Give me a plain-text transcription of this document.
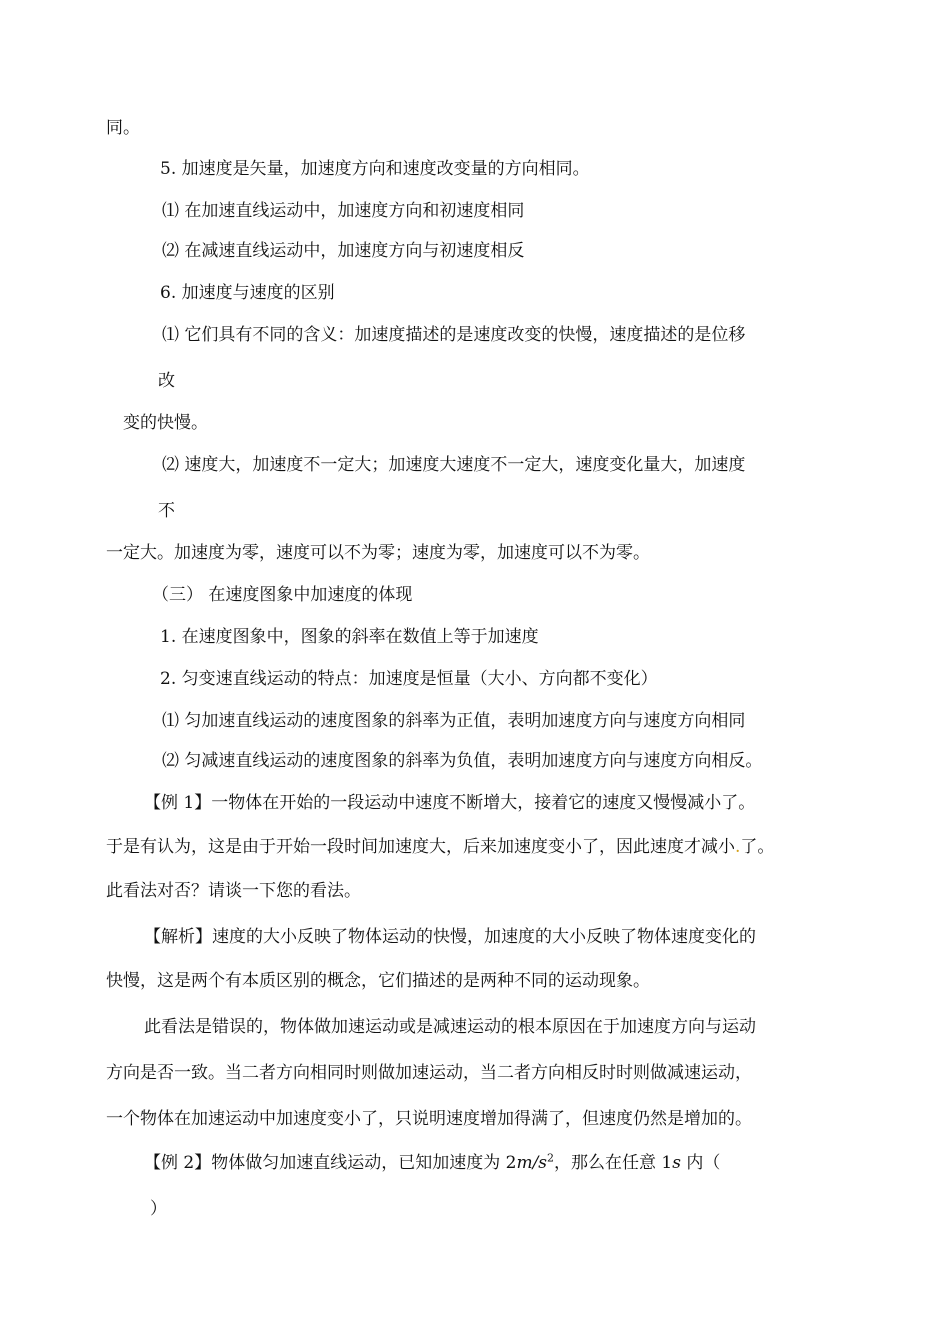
同。
5. 加速度是矢量，加速度方向和速度改变量的方向相同。
⑴ 在加速直线运动中，加速度方向和初速度相同
⑵ 在减速直线运动中，加速度方向与初速度相反
6. 加速度与速度的区别
⑴ 它们具有不同的含义：加速度描述的是速度改变的快慢，速度描述的是位移
改
变的快慢。
⑵ 速度大，加速度不一定大；加速度大速度不一定大，速度变化量大，加速度
不
一定大。加速度为零，速度可以不为零；速度为零，加速度可以不为零。
（三） 在速度图象中加速度的体现
1. 在速度图象中，图象的斜率在数值上等于加速度
2. 匀变速直线运动的特点：加速度是恒量（大小、方向都不变化）
⑴ 匀加速直线运动的速度图象的斜率为正值，表明加速度方向与速度方向相同
⑵ 匀减速直线运动的速度图象的斜率为负值，表明加速度方向与速度方向相反。
【例 1】一物体在开始的一段运动中速度不断增大，接着它的速度又慢慢减小了。
于是有认为，这是由于开始一段时间加速度大，后来加速度变小了，因此速度才减小.了。
此看法对否？请谈一下您的看法。
【解析】速度的大小反映了物体运动的快慢，加速度的大小反映了物体速度变化的
快慢，这是两个有本质区别的概念，它们描述的是两种不同的运动现象。
此看法是错误的，物体做加速运动或是减速运动的根本原因在于加速度方向与运动
方向是否一致。当二者方向相同时则做加速运动，当二者方向相反时时则做减速运动，
一个物体在加速运动中加速度变小了，只说明速度增加得满了，但速度仍然是增加的。
【例 2】物体做匀加速直线运动，已知加速度为 $2m/s^2$，那么在任意 1s 内（
）
